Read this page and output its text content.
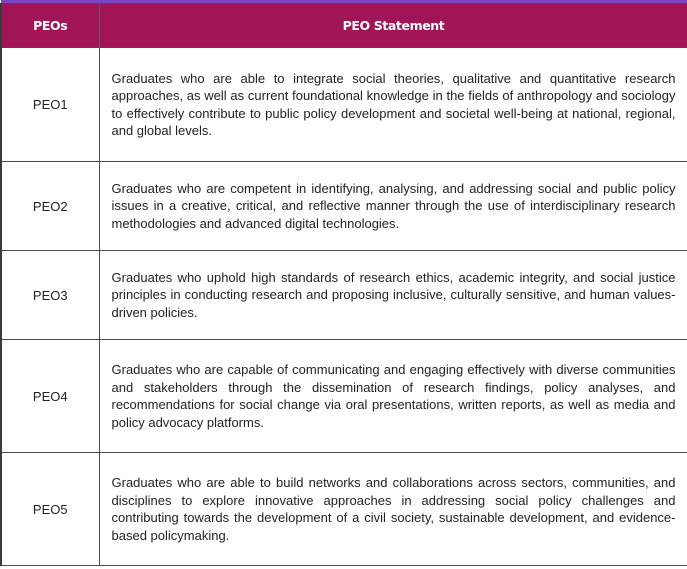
PEOs	PEO Statement
PEO1	Graduates who are able to integrate social theories, qualitative and quantitative research approaches, as well as current foundational knowledge in the fields of anthropology and sociology to effectively contribute to public policy development and societal well-being at national, regional, and global levels.
PEO2	Graduates who are competent in identifying, analysing, and addressing social and public policy issues in a creative, critical, and reflective manner through the use of interdisciplinary research methodologies and advanced digital technologies.
PEO3	Graduates who uphold high standards of research ethics, academic integrity, and social justice principles in conducting research and proposing inclusive, culturally sensitive, and human values-driven policies.
PEO4	Graduates who are capable of communicating and engaging effectively with diverse communities and stakeholders through the dissemination of research findings, policy analyses, and recommendations for social change via oral presentations, written reports, as well as media and policy advocacy platforms.
PEO5	Graduates who are able to build networks and collaborations across sectors, communities, and disciplines to explore innovative approaches in addressing social policy challenges and contributing towards the development of a civil society, sustainable development, and evidence-based policymaking.
